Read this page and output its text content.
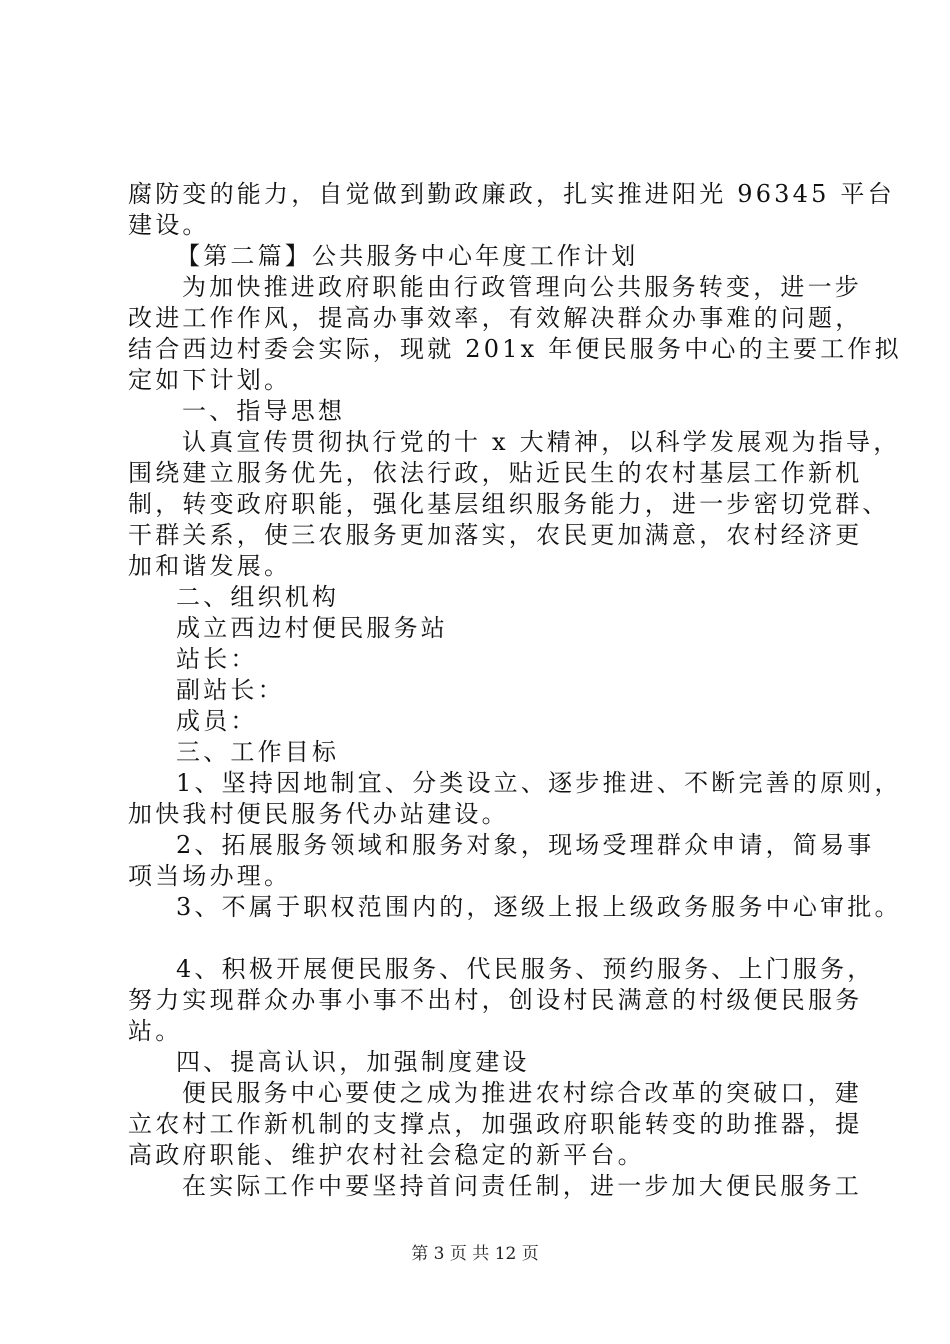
腐防变的能力，自觉做到勤政廉政，扎实推进阳光 96345 平台
建设。
【第二篇】公共服务中心年度工作计划
为加快推进政府职能由行政管理向公共服务转变，进一步
改进工作作风，提高办事效率，有效解决群众办事难的问题，
结合西边村委会实际，现就 201x 年便民服务中心的主要工作拟
定如下计划。
一、指导思想
认真宣传贯彻执行党的十 x 大精神，以科学发展观为指导，
围绕建立服务优先，依法行政，贴近民生的农村基层工作新机
制，转变政府职能，强化基层组织服务能力，进一步密切党群、
干群关系，使三农服务更加落实，农民更加满意，农村经济更
加和谐发展。
二、组织机构
成立西边村便民服务站
站长：
副站长：
成员：
三、工作目标
1、坚持因地制宜、分类设立、逐步推进、不断完善的原则，
加快我村便民服务代办站建设。
2、拓展服务领域和服务对象，现场受理群众申请，简易事
项当场办理。
3、不属于职权范围内的，逐级上报上级政务服务中心审批。
4、积极开展便民服务、代民服务、预约服务、上门服务，
努力实现群众办事小事不出村，创设村民满意的村级便民服务
站。
四、提高认识，加强制度建设
便民服务中心要使之成为推进农村综合改革的突破口，建
立农村工作新机制的支撑点，加强政府职能转变的助推器，提
高政府职能、维护农村社会稳定的新平台。
在实际工作中要坚持首问责任制，进一步加大便民服务工
第 3 页 共 12 页
